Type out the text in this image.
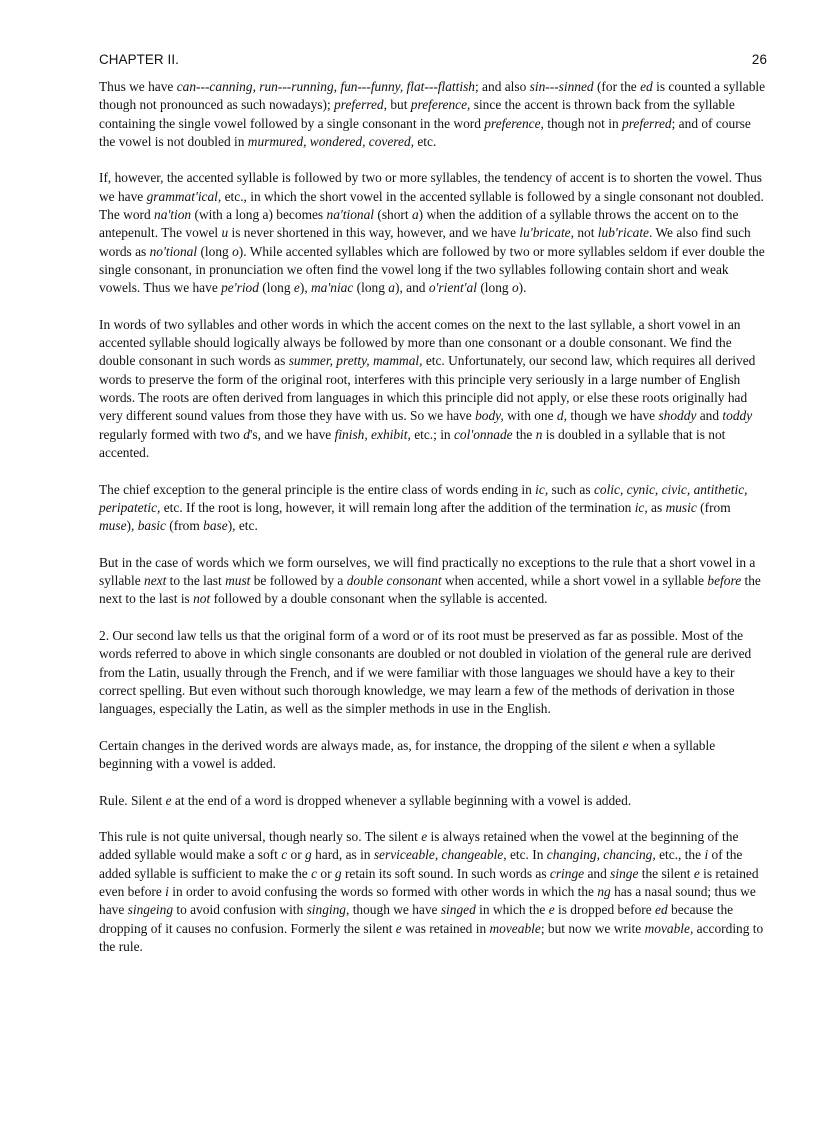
CHAPTER II.	26

Thus we have can---canning, run---running, fun---funny, flat---flattish; and also sin---sinned (for the ed is counted a syllable though not pronounced as such nowadays); preferred, but preference, since the accent is thrown back from the syllable containing the single vowel followed by a single consonant in the word preference, though not in preferred; and of course the vowel is not doubled in murmured, wondered, covered, etc.

If, however, the accented syllable is followed by two or more syllables, the tendency of accent is to shorten the vowel. Thus we have grammat'ical, etc., in which the short vowel in the accented syllable is followed by a single consonant not doubled. The word na'tion (with a long a) becomes na'tional (short a) when the addition of a syllable throws the accent on to the antepenult. The vowel u is never shortened in this way, however, and we have lu'bricate, not lub'ricate. We also find such words as no'tional (long o). While accented syllables which are followed by two or more syllables seldom if ever double the single consonant, in pronunciation we often find the vowel long if the two syllables following contain short and weak vowels. Thus we have pe'riod (long e), ma'niac (long a), and o'rient'al (long o).

In words of two syllables and other words in which the accent comes on the next to the last syllable, a short vowel in an accented syllable should logically always be followed by more than one consonant or a double consonant. We find the double consonant in such words as summer, pretty, mammal, etc. Unfortunately, our second law, which requires all derived words to preserve the form of the original root, interferes with this principle very seriously in a large number of English words. The roots are often derived from languages in which this principle did not apply, or else these roots originally had very different sound values from those they have with us. So we have body, with one d, though we have shoddy and toddy regularly formed with two d's, and we have finish, exhibit, etc.; in col'onnade the n is doubled in a syllable that is not accented.

The chief exception to the general principle is the entire class of words ending in ic, such as colic, cynic, civic, antithetic, peripatetic, etc. If the root is long, however, it will remain long after the addition of the termination ic, as music (from muse), basic (from base), etc.

But in the case of words which we form ourselves, we will find practically no exceptions to the rule that a short vowel in a syllable next to the last must be followed by a double consonant when accented, while a short vowel in a syllable before the next to the last is not followed by a double consonant when the syllable is accented.

2. Our second law tells us that the original form of a word or of its root must be preserved as far as possible. Most of the words referred to above in which single consonants are doubled or not doubled in violation of the general rule are derived from the Latin, usually through the French, and if we were familiar with those languages we should have a key to their correct spelling. But even without such thorough knowledge, we may learn a few of the methods of derivation in those languages, especially the Latin, as well as the simpler methods in use in the English.

Certain changes in the derived words are always made, as, for instance, the dropping of the silent e when a syllable beginning with a vowel is added.

Rule. Silent e at the end of a word is dropped whenever a syllable beginning with a vowel is added.

This rule is not quite universal, though nearly so. The silent e is always retained when the vowel at the beginning of the added syllable would make a soft c or g hard, as in serviceable, changeable, etc. In changing, chancing, etc., the i of the added syllable is sufficient to make the c or g retain its soft sound. In such words as cringe and singe the silent e is retained even before i in order to avoid confusing the words so formed with other words in which the ng has a nasal sound; thus we have singeing to avoid confusion with singing, though we have singed in which the e is dropped before ed because the dropping of it causes no confusion. Formerly the silent e was retained in moveable; but now we write movable, according to the rule.
